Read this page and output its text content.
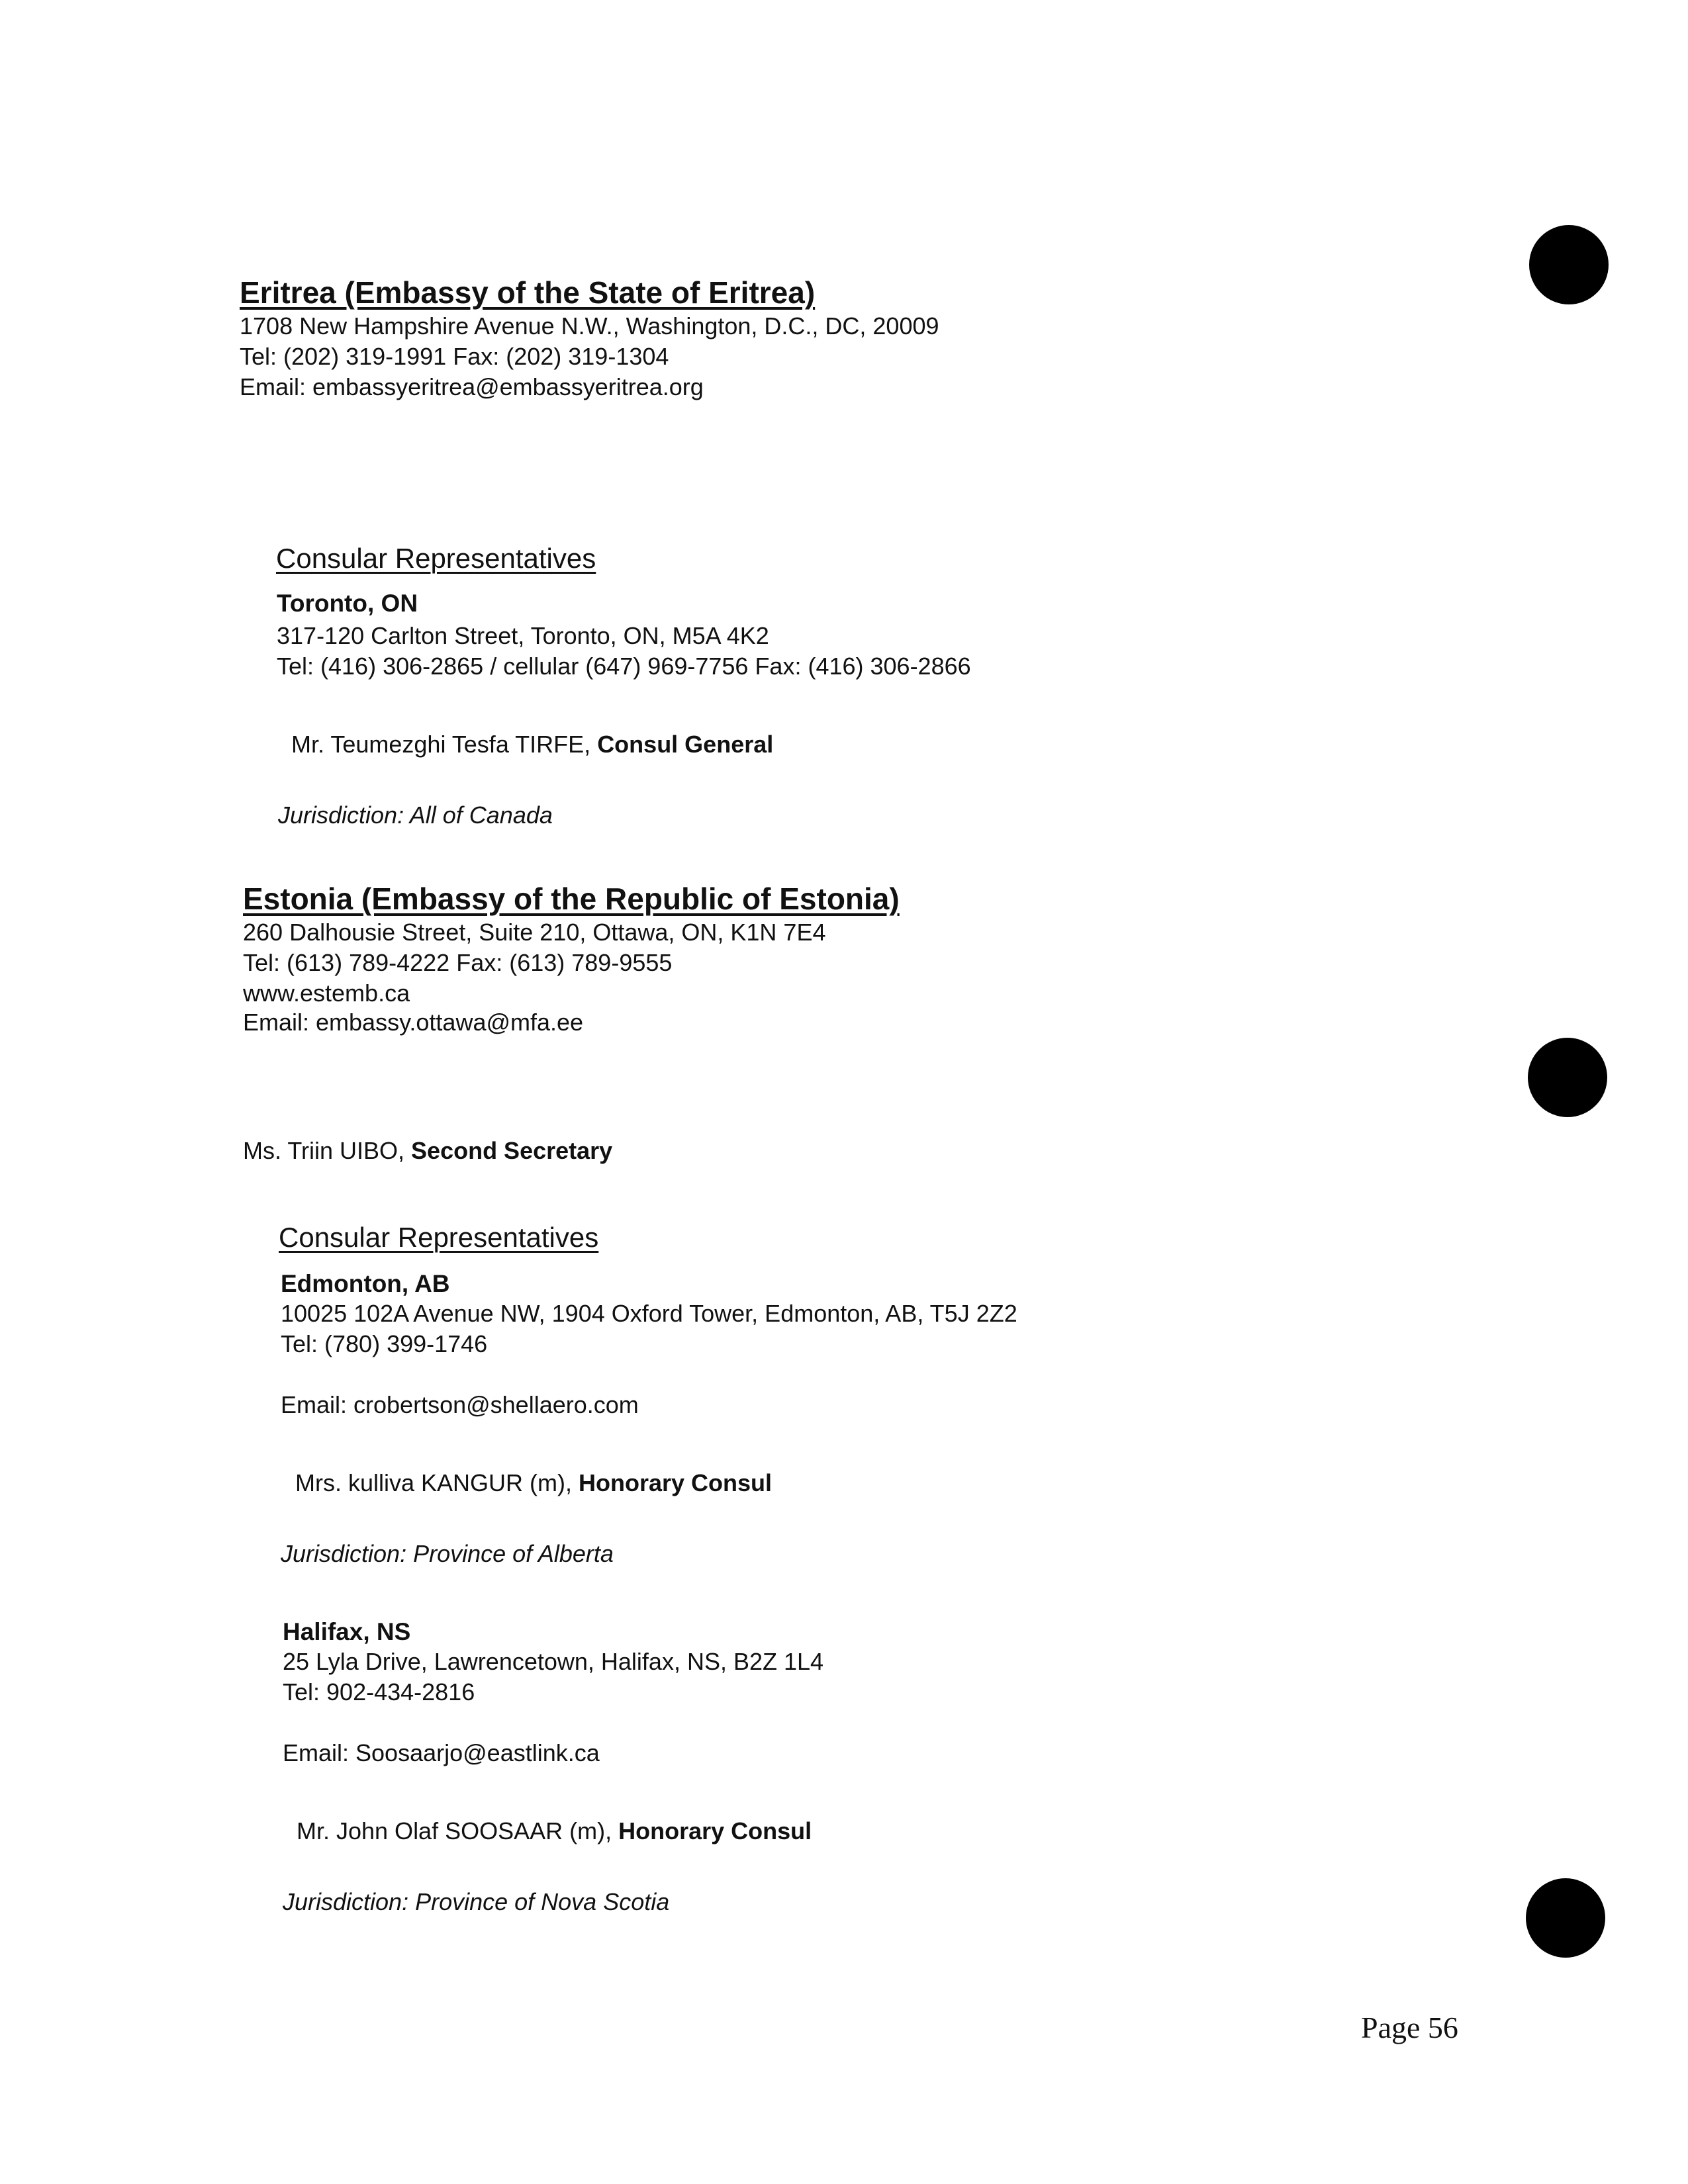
Eritrea (Embassy of the State of Eritrea)
1708 New Hampshire Avenue N.W., Washington, D.C., DC, 20009
Tel: (202) 319-1991 Fax: (202) 319-1304
Email: embassyeritrea@embassyeritrea.org
Consular Representatives
Toronto, ON
317-120 Carlton Street, Toronto, ON, M5A 4K2
Tel: (416) 306-2865 / cellular (647) 969-7756 Fax: (416) 306-2866
Mr. Teumezghi Tesfa TIRFE, Consul General
Jurisdiction: All of Canada
Estonia (Embassy of the Republic of Estonia)
260 Dalhousie Street, Suite 210, Ottawa, ON, K1N 7E4
Tel: (613) 789-4222 Fax: (613) 789-9555
www.estemb.ca
Email: embassy.ottawa@mfa.ee
Ms. Triin UIBO, Second Secretary
Consular Representatives
Edmonton, AB
10025 102A Avenue NW, 1904 Oxford Tower, Edmonton, AB, T5J 2Z2
Tel: (780) 399-1746
Email: crobertson@shellaero.com
Mrs. kulliva KANGUR (m), Honorary Consul
Jurisdiction: Province of Alberta
Halifax, NS
25 Lyla Drive, Lawrencetown, Halifax, NS, B2Z 1L4
Tel: 902-434-2816
Email: Soosaarjo@eastlink.ca
Mr. John Olaf SOOSAAR (m), Honorary Consul
Jurisdiction: Province of Nova Scotia
Page 56
